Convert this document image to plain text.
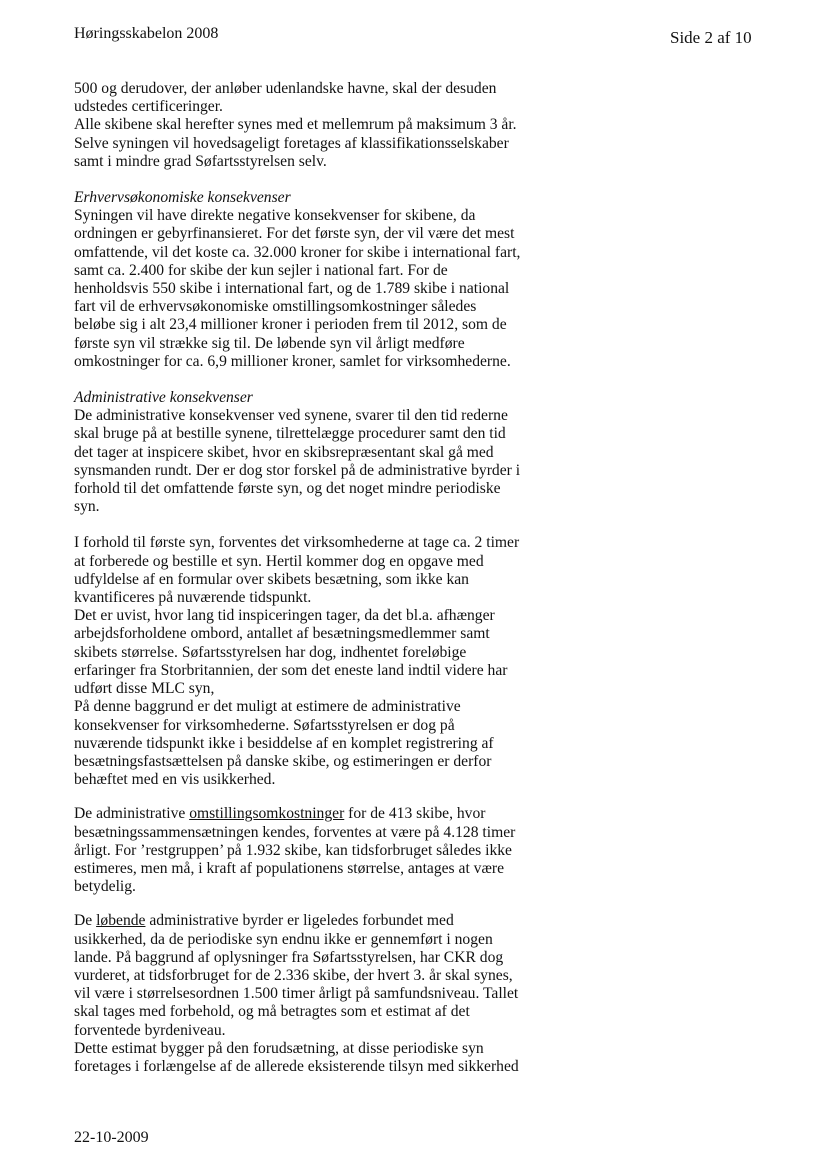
Høringsskabelon 2008	Side 2 af 10
500 og derudover, der anløber udenlandske havne, skal der desuden
udstedes certificeringer.
Alle skibene skal herefter synes med et mellemrum på maksimum 3 år.
Selve syningen vil hovedsageligt foretages af klassifikationsselskaber
samt i mindre grad Søfartsstyrelsen selv.
Erhvervsøkonomiske konsekvenser
Syningen vil have direkte negative konsekvenser for skibene, da
ordningen er gebyrfinansieret. For det første syn, der vil være det mest
omfattende, vil det koste ca. 32.000 kroner for skibe i international fart,
samt ca. 2.400 for skibe der kun sejler i national fart. For de
henholdsvis 550 skibe i international fart, og de 1.789 skibe i national
fart vil de erhvervsøkonomiske omstillingsomkostninger således
beløbe sig i alt 23,4 millioner kroner i perioden frem til 2012, som de
første syn vil strække sig til. De løbende syn vil årligt medføre
omkostninger for ca. 6,9 millioner kroner, samlet for virksomhederne.
Administrative konsekvenser
De administrative konsekvenser ved synene, svarer til den tid rederne
skal bruge på at bestille synene, tilrettelægge procedurer samt den tid
det tager at inspicere skibet, hvor en skibsrepræsentant skal gå med
synsmanden rundt. Der er dog stor forskel på de administrative byrder i
forhold til det omfattende første syn, og det noget mindre periodiske
syn.
I forhold til første syn, forventes det virksomhederne at tage ca. 2 timer
at forberede og bestille et syn. Hertil kommer dog en opgave med
udfyldelse af en formular over skibets besætning, som ikke kan
kvantificeres på nuværende tidspunkt.
Det er uvist, hvor lang tid inspiceringen tager, da det bl.a. afhænger
arbejdsforholdene ombord, antallet af besætningsmedlemmer samt
skibets størrelse. Søfartsstyrelsen har dog, indhentet foreløbige
erfaringer fra Storbritannien, der som det eneste land indtil videre har
udført disse MLC syn,
På denne baggrund er det muligt at estimere de administrative
konsekvenser for virksomhederne. Søfartsstyrelsen er dog på
nuværende tidspunkt ikke i besiddelse af en komplet registrering af
besætningsfastsættelsen på danske skibe, og estimeringen er derfor
behæftet med en vis usikkerhed.
De administrative omstillingsomkostninger for de 413 skibe, hvor
besætningssammensætningen kendes, forventes at være på 4.128 timer
årligt. For ’restgruppen’ på 1.932 skibe, kan tidsforbruget således ikke
estimeres, men må, i kraft af populationens størrelse, antages at være
betydelig.
De løbende administrative byrder er ligeledes forbundet med
usikkerhed, da de periodiske syn endnu ikke er gennemført i nogen
lande. På baggrund af oplysninger fra Søfartsstyrelsen, har CKR dog
vurderet, at tidsforbruget for de 2.336 skibe, der hvert 3. år skal synes,
vil være i størrelsesordnen 1.500 timer årligt på samfundsniveau. Tallet
skal tages med forbehold, og må betragtes som et estimat af det
forventede byrdeniveau.
Dette estimat bygger på den forudsætning, at disse periodiske syn
foretages i forlængelse af de allerede eksisterende tilsyn med sikkerhed
22-10-2009
